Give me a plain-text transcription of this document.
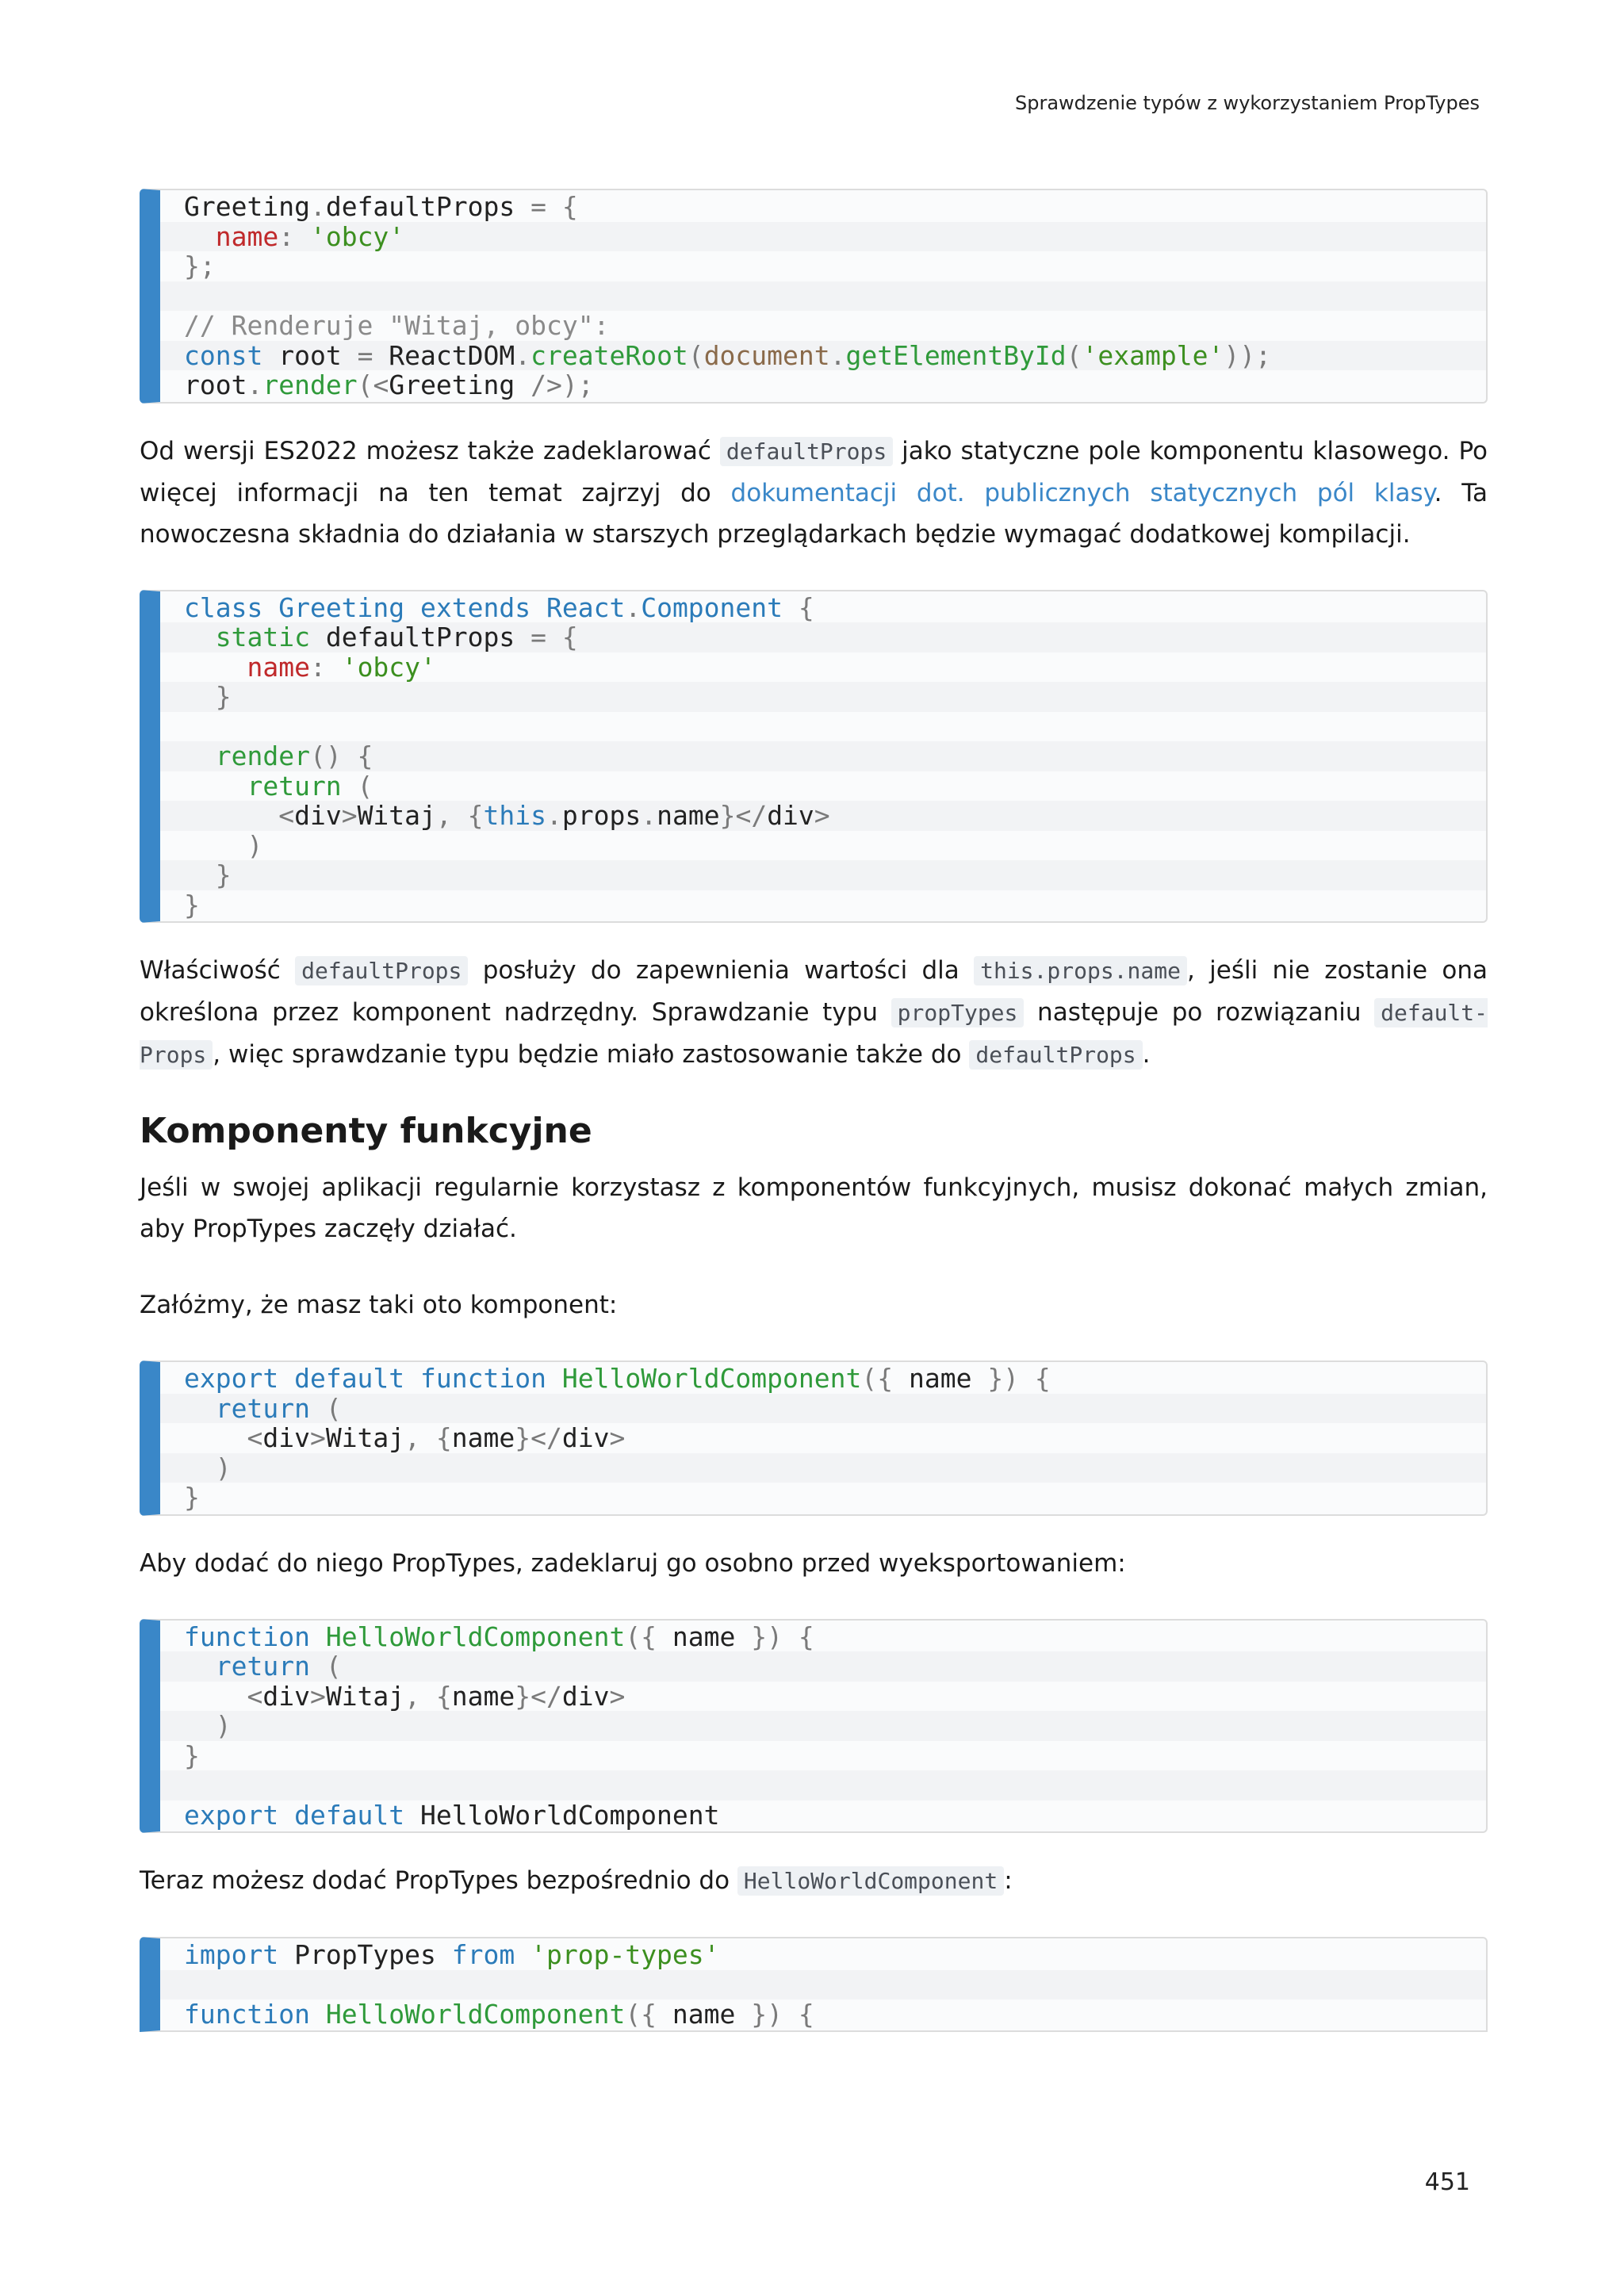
Sprawdzenie typów z wykorzystaniem PropTypes
Greeting.defaultProps = {
name: 'obcy'
};
// Renderuje "Witaj, obcy":
const root = ReactDOM.createRoot(document.getElementById('example'));
root.render(<Greeting />);

Od wersji ES2022 możesz także zadeklarować defaultProps jako statyczne pole komponentu klasowego. Po więcej informacji na ten temat zajrzyj do dokumentacji dot. publicznych statycznych pól klasy. Ta nowoczesna składnia do działania w starszych przeglądarkach będzie wymagać dodatkowej kompilacji.

class Greeting extends React.Component {
static defaultProps = {
name: 'obcy'
}
render() {
return (
<div>Witaj, {this.props.name}</div>
)
}
}

Właściwość defaultProps posłuży do zapewnienia wartości dla this.props.name , jeśli nie zostanie ona określona przez komponent nadrzędny. Sprawdzanie typu propTypes następuje po rozwiązaniu default-Props , więc sprawdzanie typu będzie miało zastosowanie także do defaultProps .

Komponenty funkcyjne

Jeśli w swojej aplikacji regularnie korzystasz z komponentów funkcyjnych, musisz dokonać małych zmian, aby PropTypes zaczęły działać.

Załóżmy, że masz taki oto komponent:

export default function HelloWorldComponent({ name }) {
return (
<div>Witaj, {name}</div>
)
}

Aby dodać do niego PropTypes, zadeklaruj go osobno przed wyeksportowaniem:

function HelloWorldComponent({ name }) {
return (
<div>Witaj, {name}</div>
)
}
export default HelloWorldComponent

Teraz możesz dodać PropTypes bezpośrednio do HelloWorldComponent :

import PropTypes from 'prop-types'
function HelloWorldComponent({ name }) {
451
